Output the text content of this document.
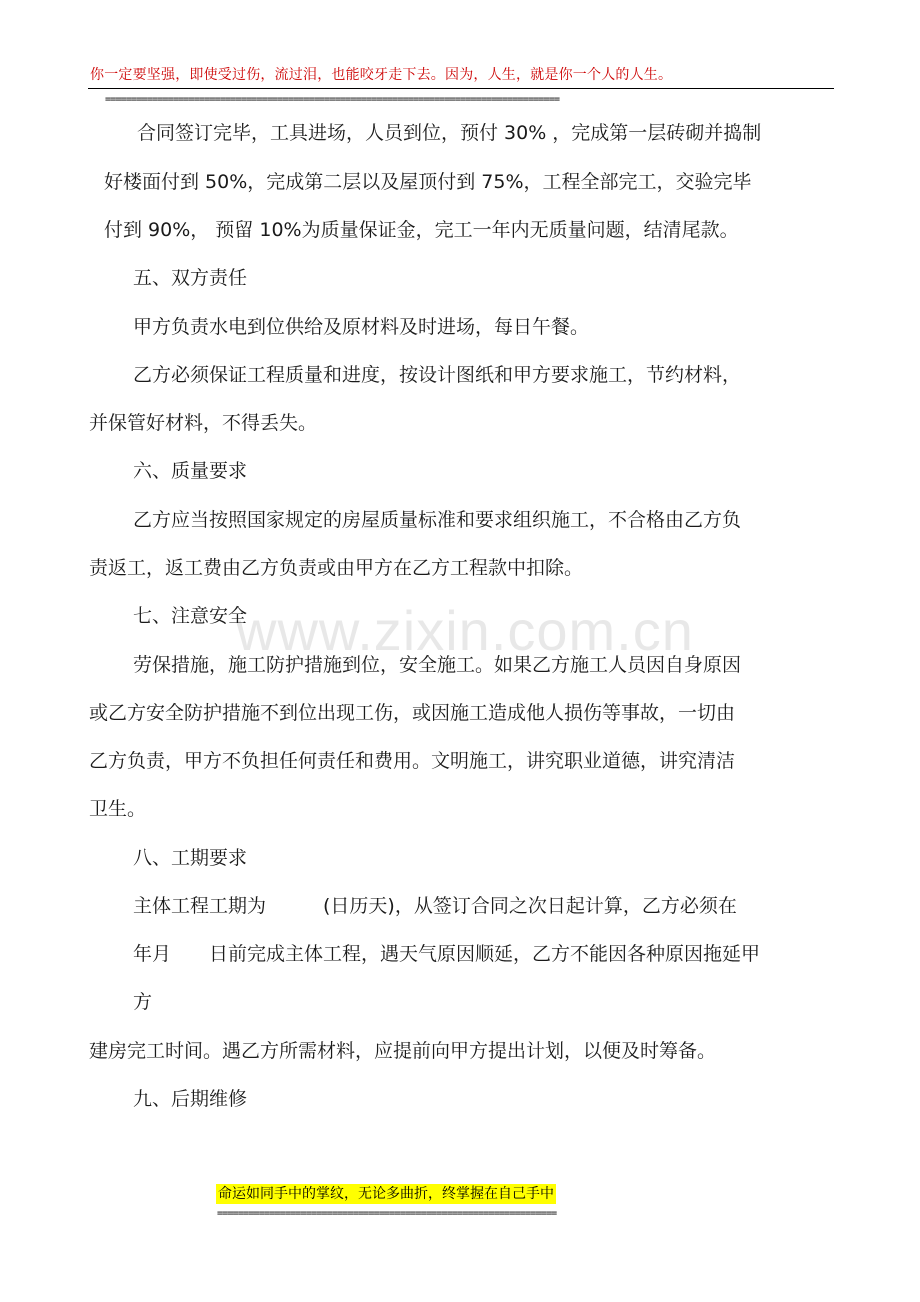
你一定要坚强，即使受过伤，流过泪，也能咬牙走下去。因为，人生，就是你一个人的人生。
=======================================================================================
www.zixin.com.cn
合同签订完毕，工具进场，人员到位，预付 30% ，完成第一层砖砌并捣制
好楼面付到 50%，完成第二层以及屋顶付到 75%，工程全部完工，交验完毕
付到 90%， 预留 10%为质量保证金，完工一年内无质量问题，结清尾款。
五、双方责任
甲方负责水电到位供给及原材料及时进场，每日午餐。
乙方必须保证工程质量和进度，按设计图纸和甲方要求施工，节约材料，
并保管好材料，不得丢失。
六、质量要求
乙方应当按照国家规定的房屋质量标准和要求组织施工，不合格由乙方负
责返工，返工费由乙方负责或由甲方在乙方工程款中扣除。
七、注意安全
劳保措施，施工防护措施到位，安全施工。如果乙方施工人员因自身原因
或乙方安全防护措施不到位出现工伤，或因施工造成他人损伤等事故，一切由
乙方负责，甲方不负担任何责任和费用。文明施工，讲究职业道德，讲究清洁
卫生。
八、工期要求
主体工程工期为　　　(日历天)，从签订合同之次日起计算，乙方必须在
年月　　日前完成主体工程，遇天气原因顺延，乙方不能因各种原因拖延甲
方
建房完工时间。遇乙方所需材料，应提前向甲方提出计划，以便及时筹备。
九、后期维修
命运如同手中的掌纹，无论多曲折，终掌握在自己手中
=================================================================
